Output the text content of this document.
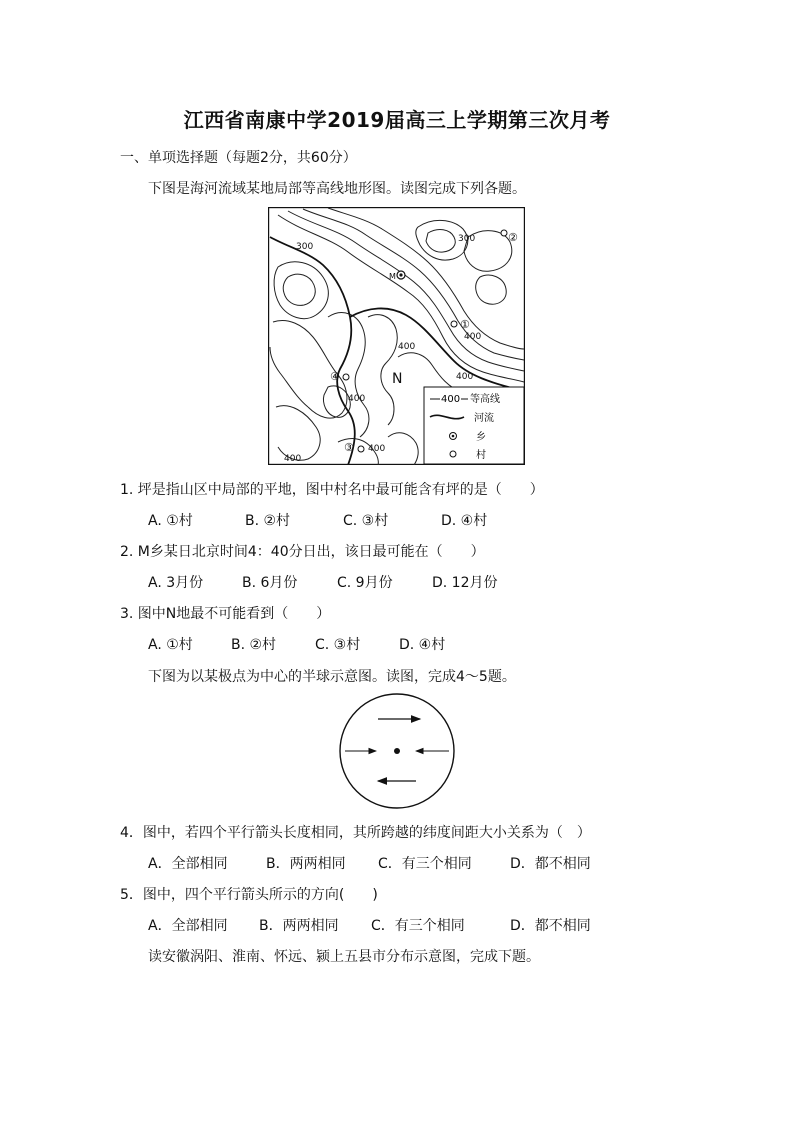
江西省南康中学2019届高三上学期第三次月考
一、单项选择题（每题2分，共60分）
下图是海河流域某地局部等高线地形图。读图完成下列各题。
300
300
400
400
400
400
400
400
M
N
①
②
③
④
400 等高线
河流
乡
村
1. 坪是指山区中局部的平地，图中村名中最可能含有坪的是（　　）
A. ①村	B. ②村	C. ③村	D. ④村
2. M乡某日北京时间4：40分日出，该日最可能在（　　）
A. 3月份	B. 6月份	C. 9月份	D. 12月份
3. 图中N地最不可能看到（　　）
A. ①村	B. ②村	C. ③村	D. ④村
下图为以某极点为中心的半球示意图。读图，完成4～5题。
4．图中，若四个平行箭头长度相同，其所跨越的纬度间距大小关系为（　）
A．全部相同	B．两两相同 C．有三个相同	D．都不相同
5．图中，四个平行箭头所示的方向(　　)
A．全部相同 B．两两相同 C．有三个相同	D．都不相同
读安徽涡阳、淮南、怀远、颍上五县市分布示意图，完成下题。
